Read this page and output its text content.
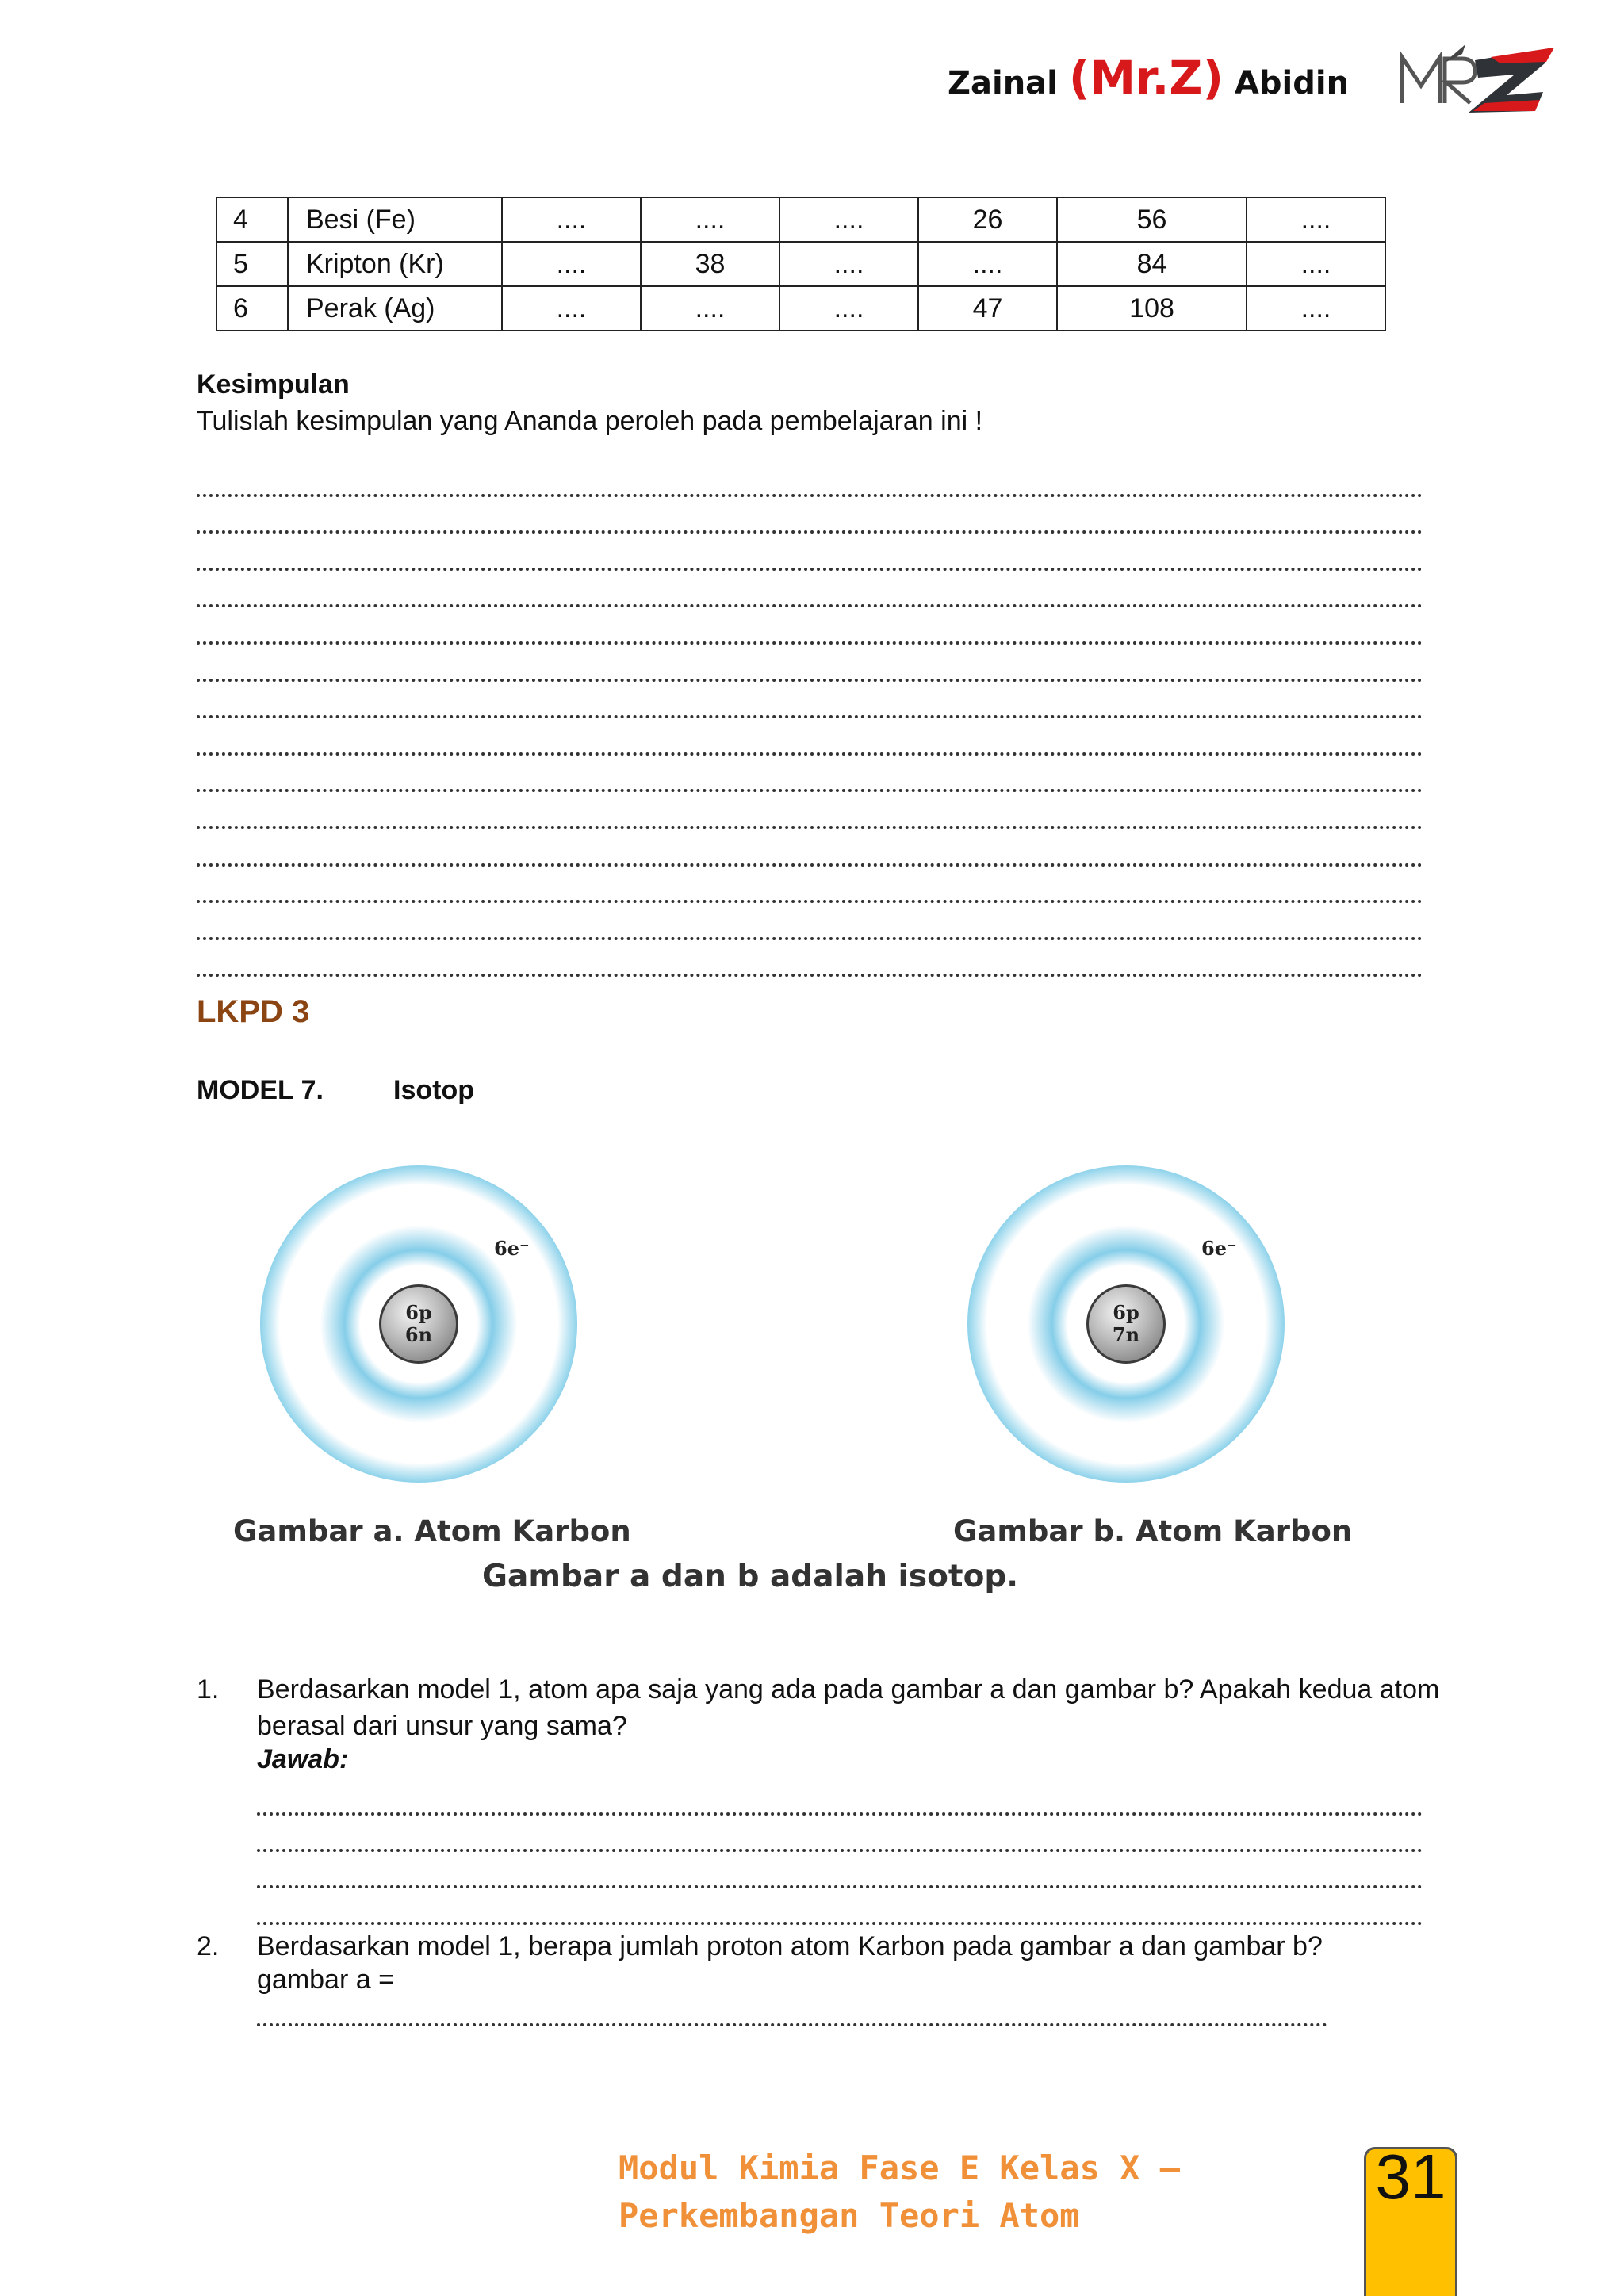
Zainal (Mr.Z) Abidin
4	Besi (Fe)	....	....	....	26	56	....
5	Kripton (Kr)	....	38	....	....	84	....
6	Perak (Ag)	....	....	....	47	108	....
Kesimpulan
Tulislah kesimpulan yang Ananda peroleh pada pembelajaran ini !
LKPD 3
MODEL 7.	Isotop
6p
6n
6e⁻
6p
7n
6e⁻
Gambar a. Atom Karbon	Gambar b. Atom Karbon
Gambar a dan b adalah isotop.
1. Berdasarkan model 1, atom apa saja yang ada pada gambar a dan gambar b? Apakah kedua atom berasal dari unsur yang sama?
Jawab:
2. Berdasarkan model 1, berapa jumlah proton atom Karbon pada gambar a dan gambar b?
gambar a =
Modul Kimia Fase E Kelas X –
Perkembangan Teori Atom
31
